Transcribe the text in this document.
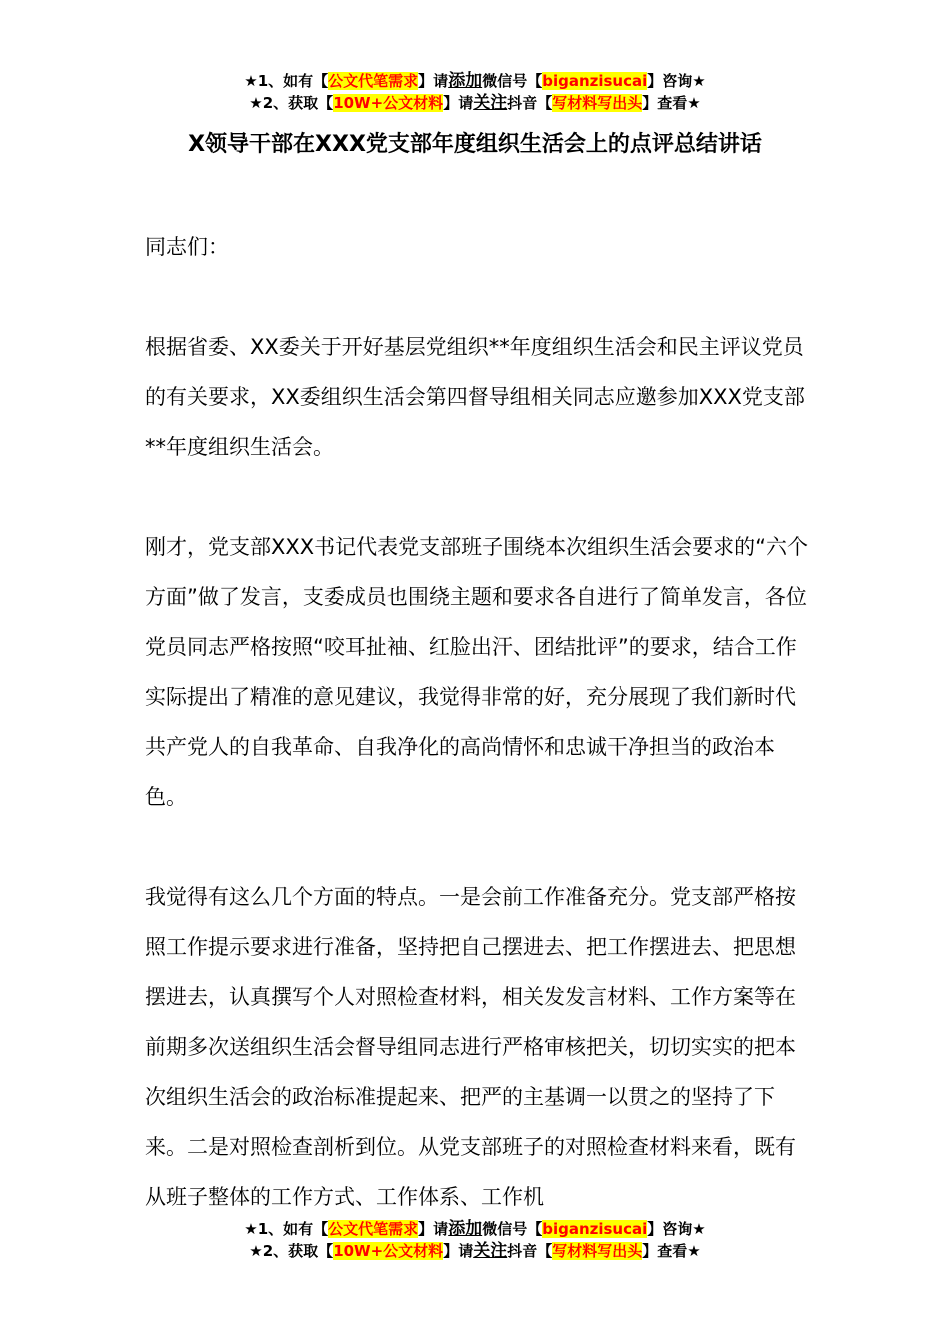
★1、如有【公文代笔需求】请添加微信号【biganzisucai】咨询★
★2、获取【10W+公文材料】请关注抖音【写材料写出头】查看★
X领导干部在XXX党支部年度组织生活会上的点评总结讲话

同志们：

根据省委、XX委关于开好基层党组织**年度组织生活会和民主评议党员的有关要求，XX委组织生活会第四督导组相关同志应邀参加XXX党支部**年度组织生活会。

刚才，党支部XXX书记代表党支部班子围绕本次组织生活会要求的“六个方面”做了发言，支委成员也围绕主题和要求各自进行了简单发言，各位党员同志严格按照“咬耳扯袖、红脸出汗、团结批评”的要求，结合工作实际提出了精准的意见建议，我觉得非常的好，充分展现了我们新时代共产党人的自我革命、自我净化的高尚情怀和忠诚干净担当的政治本色。

我觉得有这么几个方面的特点。一是会前工作准备充分。党支部严格按照工作提示要求进行准备，坚持把自己摆进去、把工作摆进去、把思想摆进去，认真撰写个人对照检查材料，相关发发言材料、工作方案等在前期多次送组织生活会督导组同志进行严格审核把关，切切实实的把本次组织生活会的政治标准提起来、把严的主基调一以贯之的坚持了下来。二是对照检查剖析到位。从党支部班子的对照检查材料来看，既有从班子整体的工作方式、工作体系、工作机

★1、如有【公文代笔需求】请添加微信号【biganzisucai】咨询★
★2、获取【10W+公文材料】请关注抖音【写材料写出头】查看★
